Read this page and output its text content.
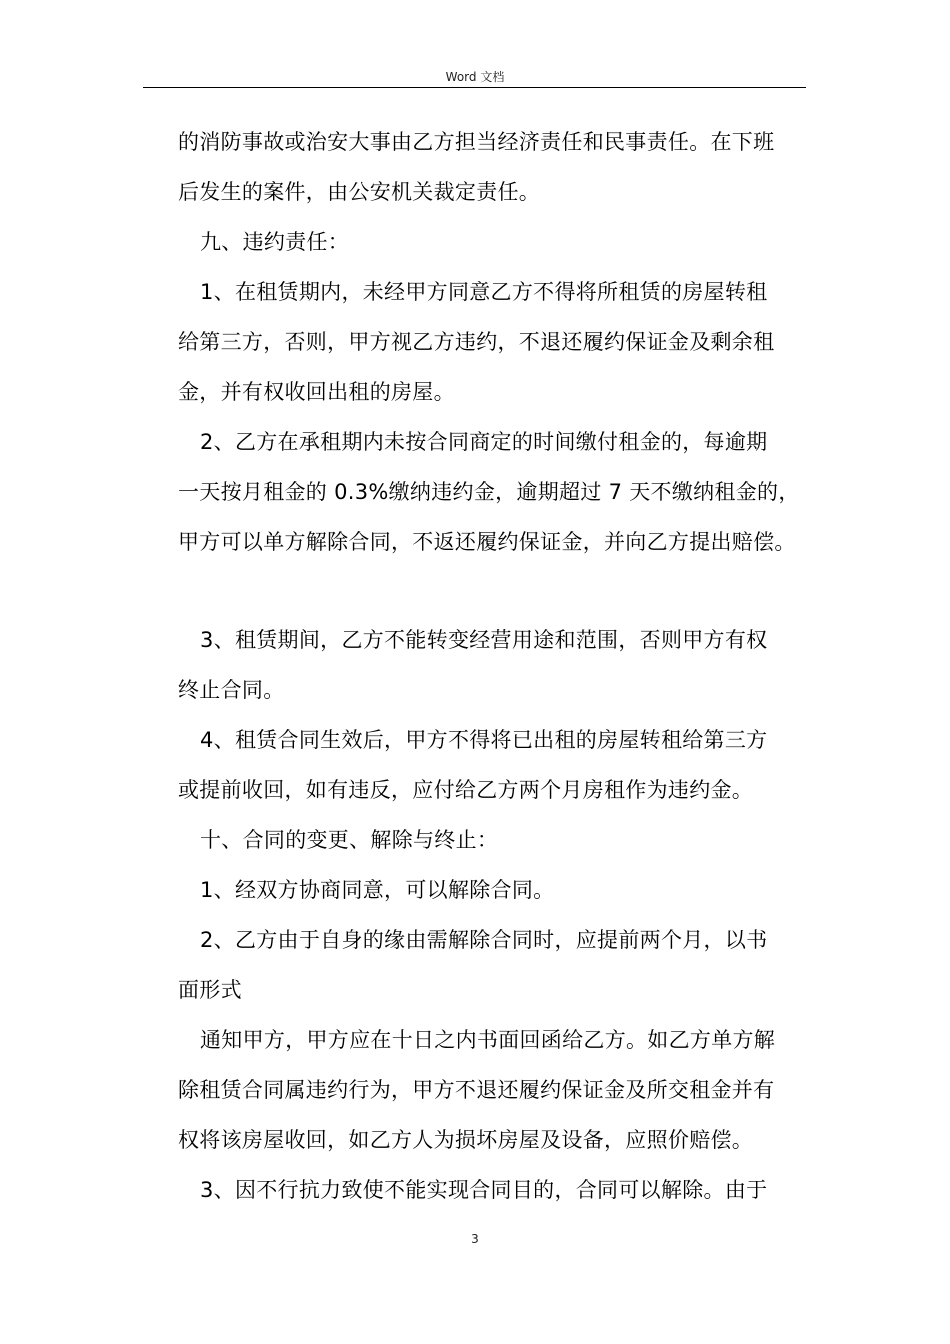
Word 文档
的消防事故或治安大事由乙方担当经济责任和民事责任。在下班
后发生的案件，由公安机关裁定责任。
九、违约责任：
1、在租赁期内，未经甲方同意乙方不得将所租赁的房屋转租
给第三方，否则，甲方视乙方违约，不退还履约保证金及剩余租
金，并有权收回出租的房屋。
2、乙方在承租期内未按合同商定的时间缴付租金的，每逾期
一天按月租金的 0.3%缴纳违约金，逾期超过 7 天不缴纳租金的，
甲方可以单方解除合同，不返还履约保证金，并向乙方提出赔偿。
3、租赁期间，乙方不能转变经营用途和范围，否则甲方有权
终止合同。
4、租赁合同生效后，甲方不得将已出租的房屋转租给第三方
或提前收回，如有违反，应付给乙方两个月房租作为违约金。
十、合同的变更、解除与终止：
1、经双方协商同意，可以解除合同。
2、乙方由于自身的缘由需解除合同时，应提前两个月，以书
面形式
通知甲方，甲方应在十日之内书面回函给乙方。如乙方单方解
除租赁合同属违约行为，甲方不退还履约保证金及所交租金并有
权将该房屋收回，如乙方人为损坏房屋及设备，应照价赔偿。
3、因不行抗力致使不能实现合同目的，合同可以解除。由于
3
